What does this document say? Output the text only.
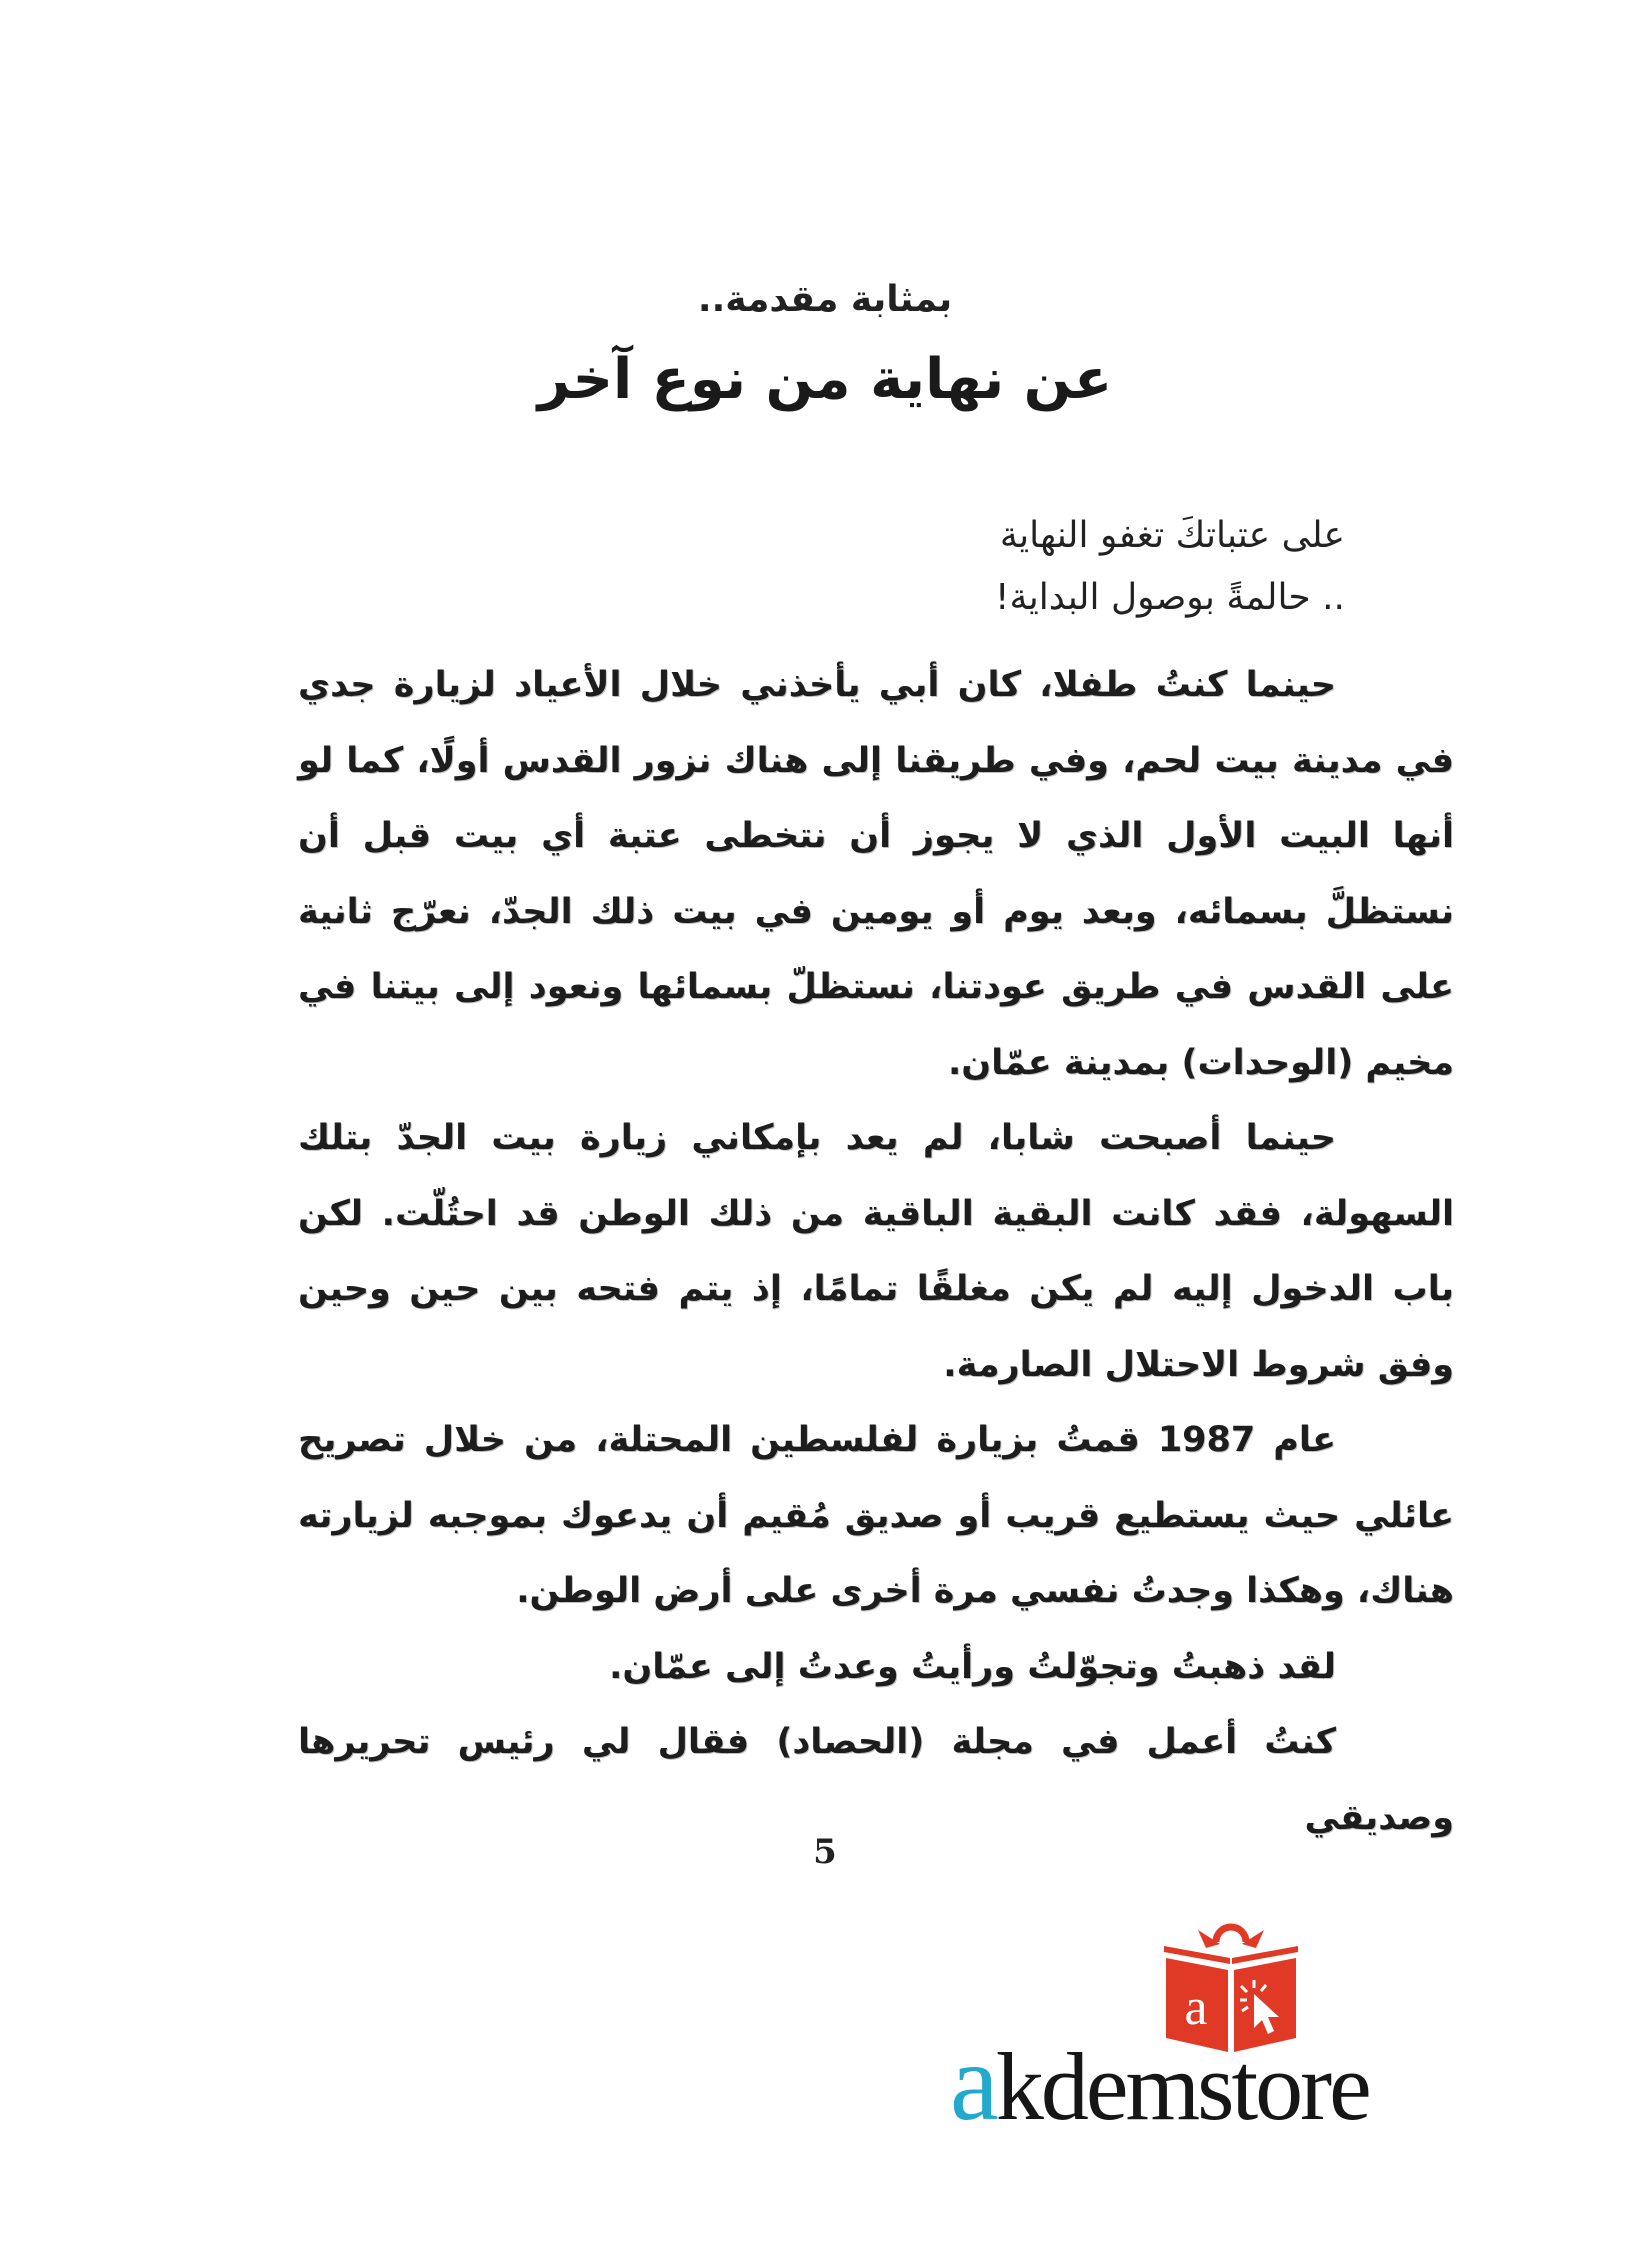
بمثابة مقدمة..
عن نهاية من نوع آخر
على عتباتكَ تغفو النهاية
.. حالمةً بوصول البداية!

حينما كنتُ طفلا، كان أبي يأخذني خلال الأعياد لزيارة جدي في مدينة بيت لحم، وفي طريقنا إلى هناك نزور القدس أولًا، كما لو أنها البيت الأول الذي لا يجوز أن نتخطى عتبة أي بيت قبل أن نستظلَّ بسمائه، وبعد يوم أو يومين في بيت ذلك الجدّ، نعرّج ثانية على القدس في طريق عودتنا، نستظلّ بسمائها ونعود إلى بيتنا في مخيم (الوحدات) بمدينة عمّان.

حينما أصبحت شابا، لم يعد بإمكاني زيارة بيت الجدّ بتلك السهولة، فقد كانت البقية الباقية من ذلك الوطن قد احتُلّت. لكن باب الدخول إليه لم يكن مغلقًا تمامًا، إذ يتم فتحه بين حين وحين وفق شروط الاحتلال الصارمة.

عام 1987 قمتُ بزيارة لفلسطين المحتلة، من خلال تصريح عائلي حيث يستطيع قريب أو صديق مُقيم أن يدعوك بموجبه لزيارته هناك، وهكذا وجدتُ نفسي مرة أخرى على أرض الوطن.

لقد ذهبتُ وتجوّلتُ ورأيتُ وعدتُ إلى عمّان.

كنتُ أعمل في مجلة (الحصاد) فقال لي رئيس تحريرها وصديقي

5
a
akdemstore
